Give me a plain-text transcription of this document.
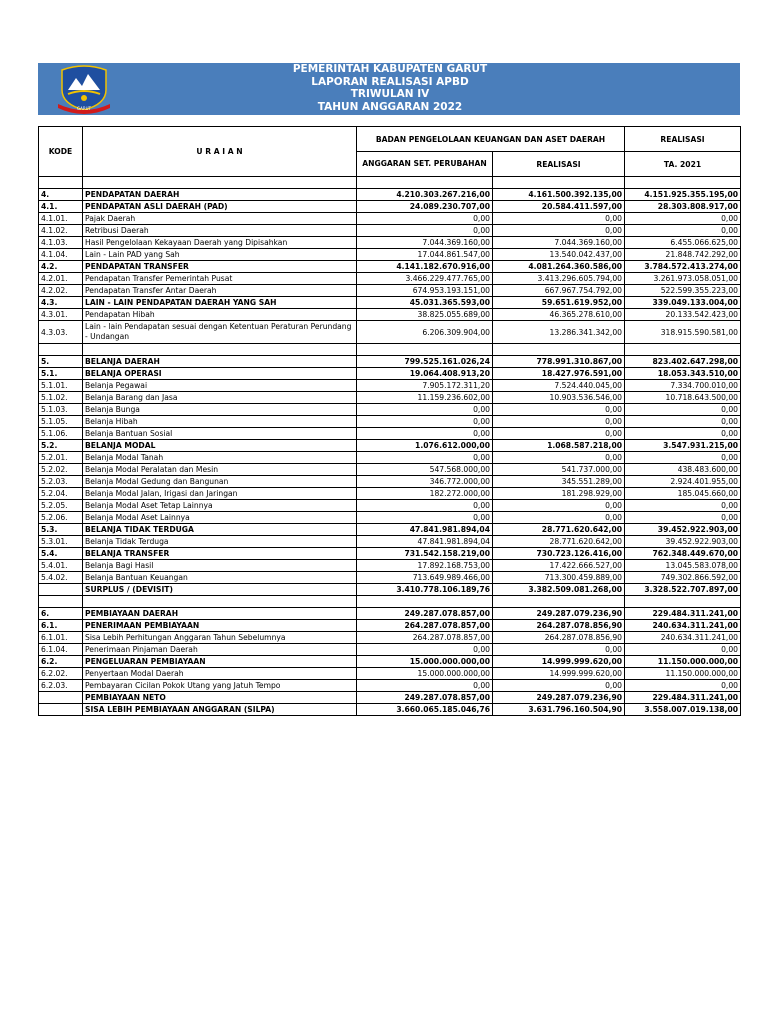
GARUT
PEMERINTAH KABUPATEN GARUT
LAPORAN REALISASI APBD
TRIWULAN IV
TAHUN ANGGARAN 2022
KODE	U R A I A N	BADAN PENGELOLAAN KEUANGAN DAN ASET DAERAH		REALISASI
		ANGGARAN SET. PERUBAHAN	REALISASI	TA. 2021

4.	PENDAPATAN DAERAH	4.210.303.267.216,00	4.161.500.392.135,00	4.151.925.355.195,00
4.1.	PENDAPATAN ASLI DAERAH (PAD)	24.089.230.707,00	20.584.411.597,00	28.303.808.917,00
4.1.01.	Pajak Daerah	0,00	0,00	0,00
4.1.02.	Retribusi Daerah	0,00	0,00	0,00
4.1.03.	Hasil Pengelolaan Kekayaan Daerah yang Dipisahkan	7.044.369.160,00	7.044.369.160,00	6.455.066.625,00
4.1.04.	Lain - Lain PAD yang Sah	17.044.861.547,00	13.540.042.437,00	21.848.742.292,00
4.2.	PENDAPATAN TRANSFER	4.141.182.670.916,00	4.081.264.360.586,00	3.784.572.413.274,00
4.2.01.	Pendapatan Transfer Pemerintah Pusat	3.466.229.477.765,00	3.413.296.605.794,00	3.261.973.058.051,00
4.2.02.	Pendapatan Transfer Antar Daerah	674.953.193.151,00	667.967.754.792,00	522.599.355.223,00
4.3.	LAIN - LAIN PENDAPATAN DAERAH YANG SAH	45.031.365.593,00	59.651.619.952,00	339.049.133.004,00
4.3.01.	Pendapatan Hibah	38.825.055.689,00	46.365.278.610,00	20.133.542.423,00
4.3.03.	Lain - lain Pendapatan sesuai dengan Ketentuan Peraturan Perundang - Undangan	6.206.309.904,00	13.286.341.342,00	318.915.590.581,00

5.	BELANJA DAERAH	799.525.161.026,24	778.991.310.867,00	823.402.647.298,00
5.1.	BELANJA OPERASI	19.064.408.913,20	18.427.976.591,00	18.053.343.510,00
5.1.01.	Belanja Pegawai	7.905.172.311,20	7.524.440.045,00	7.334.700.010,00
5.1.02.	Belanja Barang dan Jasa	11.159.236.602,00	10.903.536.546,00	10.718.643.500,00
5.1.03.	Belanja Bunga	0,00	0,00	0,00
5.1.05.	Belanja Hibah	0,00	0,00	0,00
5.1.06.	Belanja Bantuan Sosial	0,00	0,00	0,00
5.2.	BELANJA MODAL	1.076.612.000,00	1.068.587.218,00	3.547.931.215,00
5.2.01.	Belanja Modal Tanah	0,00	0,00	0,00
5.2.02.	Belanja Modal Peralatan dan Mesin	547.568.000,00	541.737.000,00	438.483.600,00
5.2.03.	Belanja Modal Gedung dan Bangunan	346.772.000,00	345.551.289,00	2.924.401.955,00
5.2.04.	Belanja Modal Jalan, Irigasi dan Jaringan	182.272.000,00	181.298.929,00	185.045.660,00
5.2.05.	Belanja Modal Aset Tetap Lainnya	0,00	0,00	0,00
5.2.06.	Belanja Modal Aset Lainnya	0,00	0,00	0,00
5.3.	BELANJA TIDAK TERDUGA	47.841.981.894,04	28.771.620.642,00	39.452.922.903,00
5.3.01.	Belanja Tidak Terduga	47.841.981.894,04	28.771.620.642,00	39.452.922.903,00
5.4.	BELANJA TRANSFER	731.542.158.219,00	730.723.126.416,00	762.348.449.670,00
5.4.01.	Belanja Bagi Hasil	17.892.168.753,00	17.422.666.527,00	13.045.583.078,00
5.4.02.	Belanja Bantuan Keuangan	713.649.989.466,00	713.300.459.889,00	749.302.866.592,00
	SURPLUS / (DEVISIT)	3.410.778.106.189,76	3.382.509.081.268,00	3.328.522.707.897,00

6.	PEMBIAYAAN DAERAH	249.287.078.857,00	249.287.079.236,90	229.484.311.241,00
6.1.	PENERIMAAN PEMBIAYAAN	264.287.078.857,00	264.287.078.856,90	240.634.311.241,00
6.1.01.	Sisa Lebih Perhitungan Anggaran Tahun Sebelumnya	264.287.078.857,00	264.287.078.856,90	240.634.311.241,00
6.1.04.	Penerimaan Pinjaman Daerah	0,00	0,00	0,00
6.2.	PENGELUARAN PEMBIAYAAN	15.000.000.000,00	14.999.999.620,00	11.150.000.000,00
6.2.02.	Penyertaan Modal Daerah	15.000.000.000,00	14.999.999.620,00	11.150.000.000,00
6.2.03.	Pembayaran Cicilan Pokok Utang yang Jatuh Tempo	0,00	0,00	0,00
	PEMBIAYAAN NETO	249.287.078.857,00	249.287.079.236,90	229.484.311.241,00
	SISA LEBIH PEMBIAYAAN ANGGARAN (SILPA)	3.660.065.185.046,76	3.631.796.160.504,90	3.558.007.019.138,00
